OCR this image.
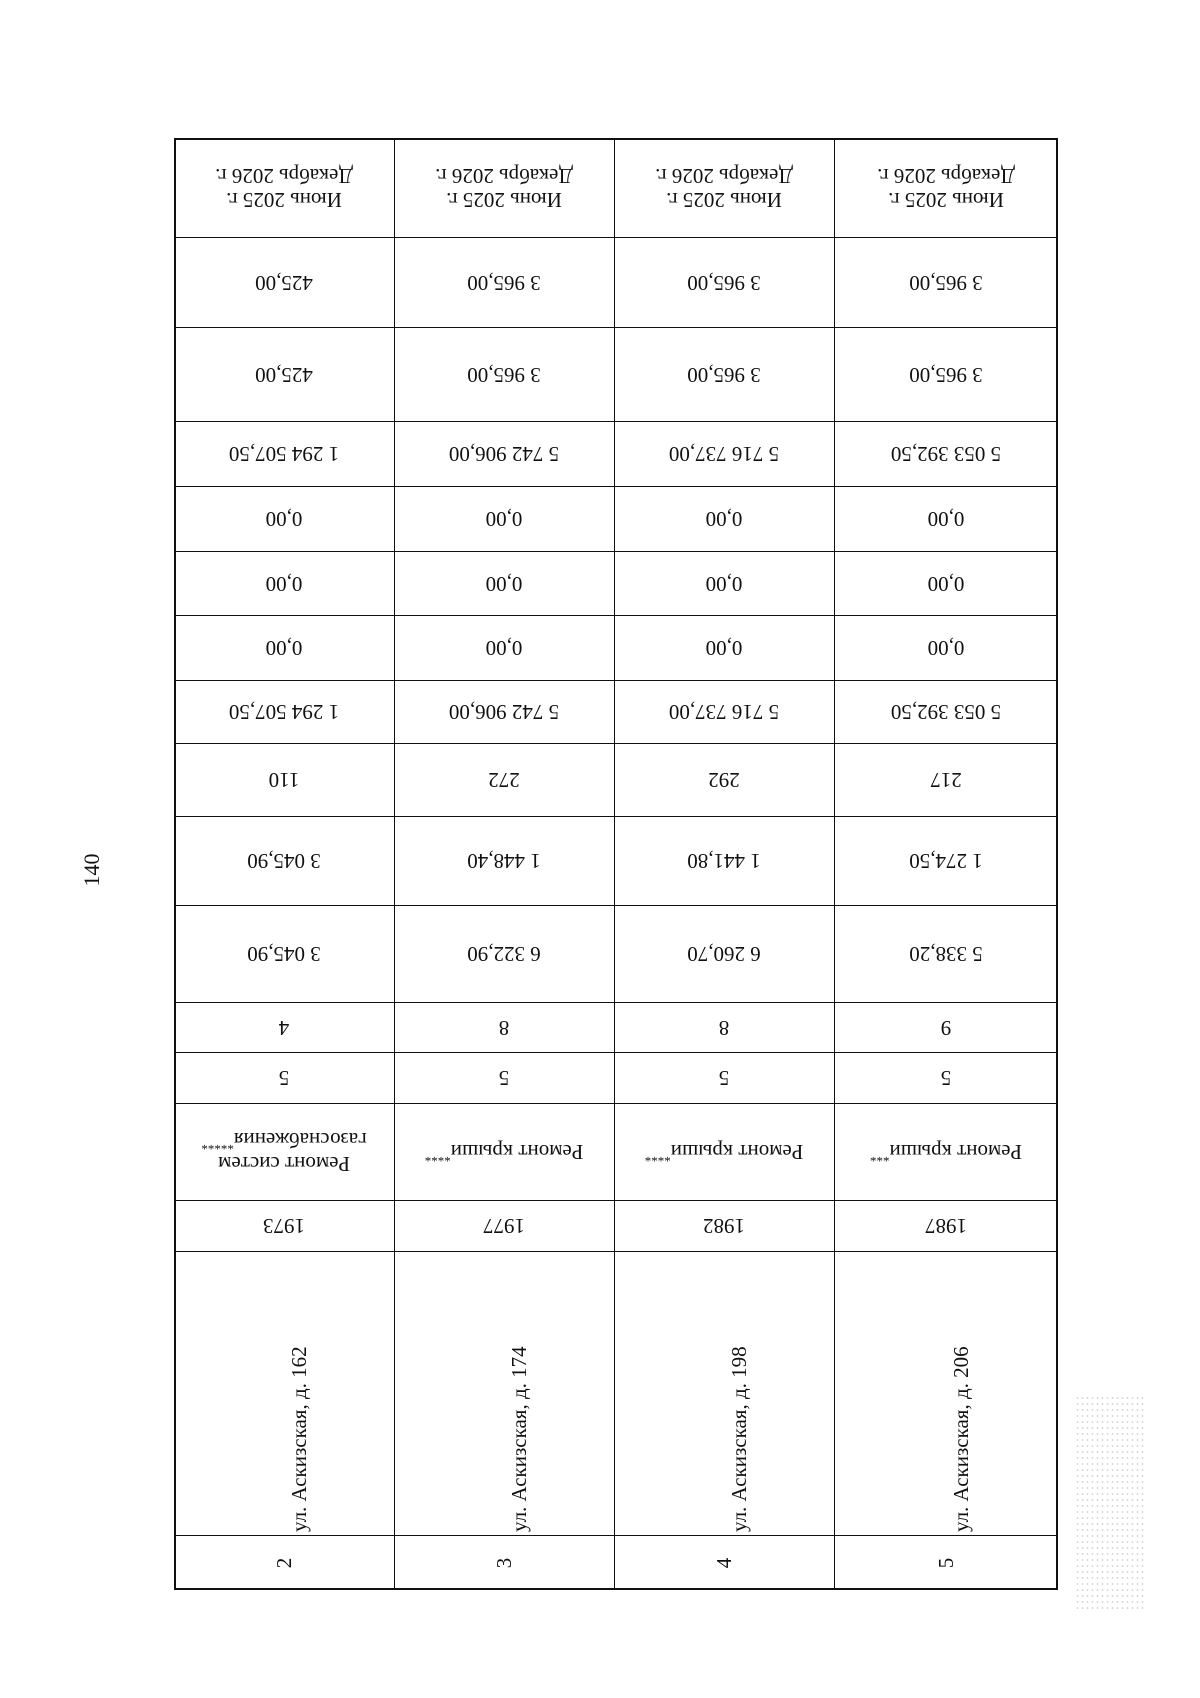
140
Июнь 2025 г.
Декабрь 2026 г.
425,00
425,00
1 294 507,50
0,00
0,00
0,00
1 294 507,50
110
3 045,90
3 045,90
4
5
Ремонт систем газоснабжения*****
1973
ул. Аскизская, д. 162
2
Июнь 2025 г.
Декабрь 2026 г.
3 965,00
3 965,00
5 742 906,00
0,00
0,00
0,00
5 742 906,00
272
1 448,40
6 322,90
8
5
Ремонт крыши****
1977
ул. Аскизская, д. 174
3
Июнь 2025 г.
Декабрь 2026 г.
3 965,00
3 965,00
5 716 737,00
0,00
0,00
0,00
5 716 737,00
292
1 441,80
6 260,70
8
5
Ремонт крыши****
1982
ул. Аскизская, д. 198
4
Июнь 2025 г.
Декабрь 2026 г.
3 965,00
3 965,00
5 053 392,50
0,00
0,00
0,00
5 053 392,50
217
1 274,50
5 338,20
9
5
Ремонт крыши***
1987
ул. Аскизская, д. 206
5
